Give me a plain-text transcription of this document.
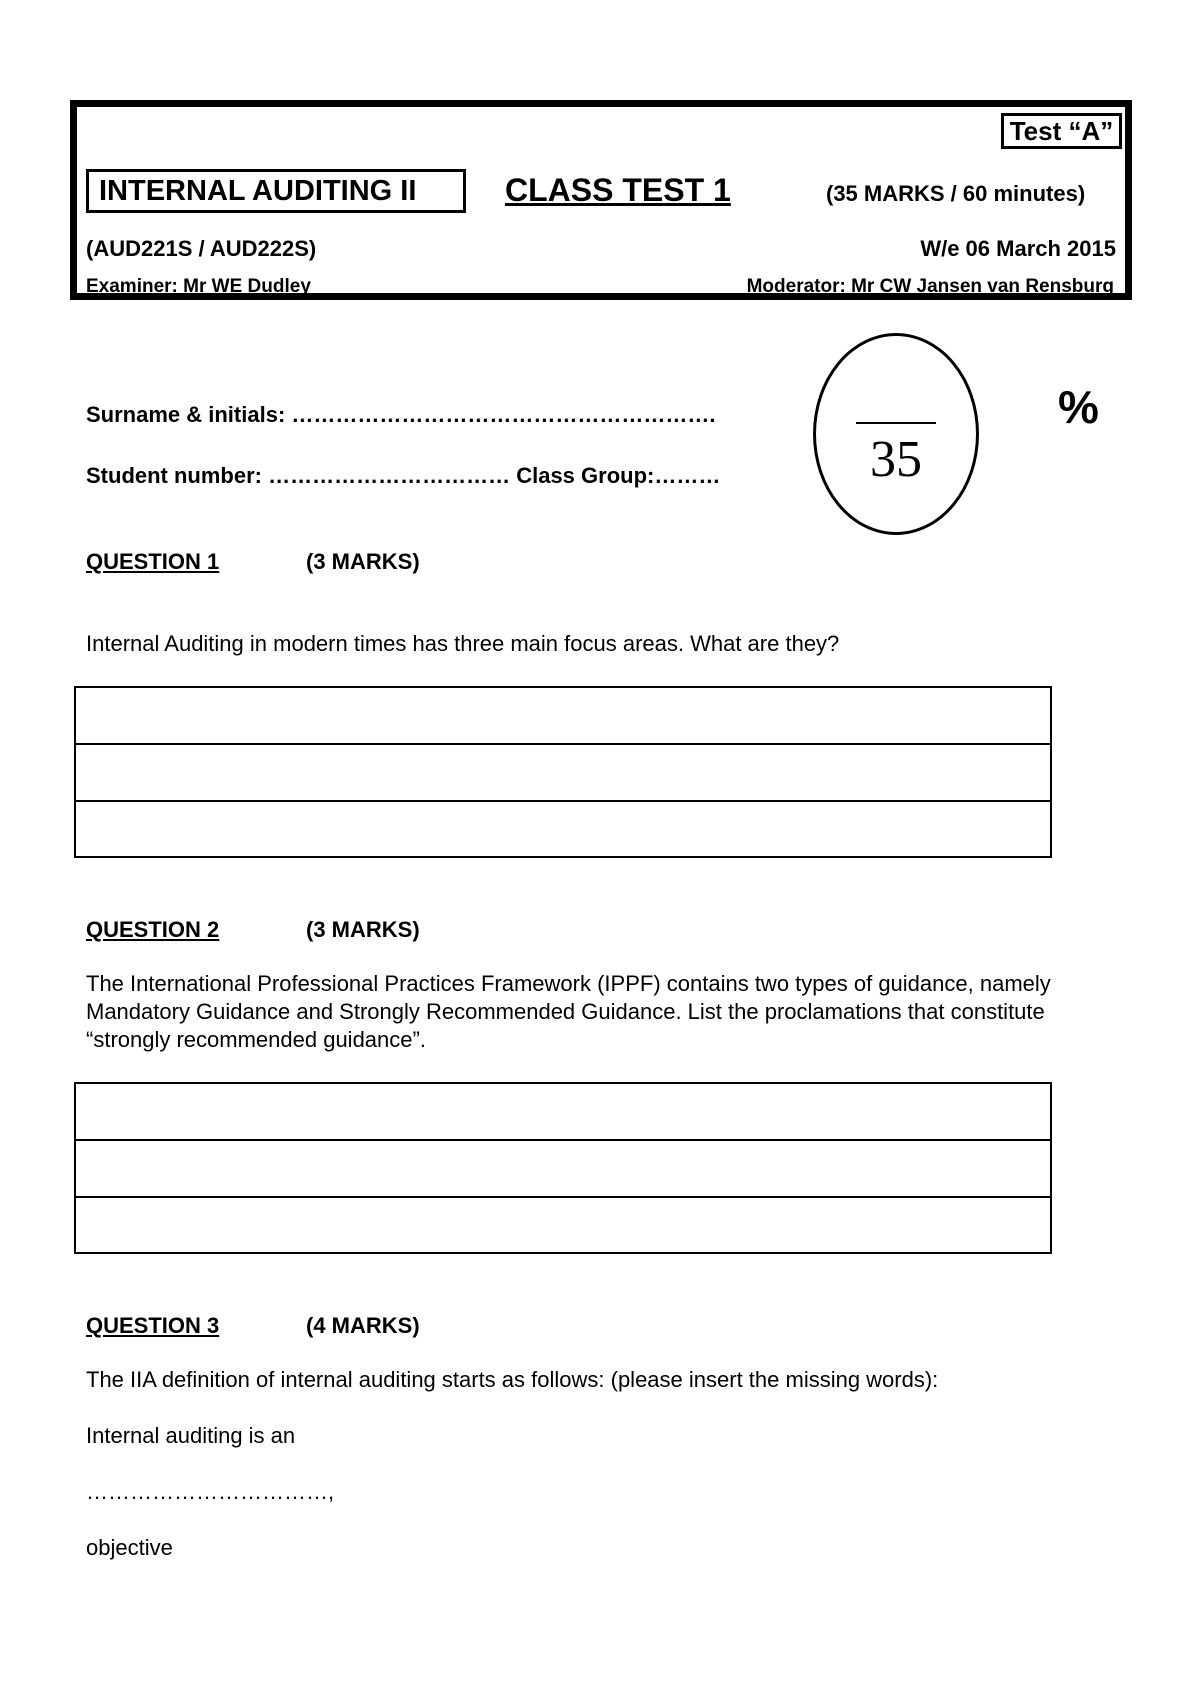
Test “A”
INTERNAL AUDITING II	CLASS TEST 1	(35 MARKS / 60 minutes)
(AUD221S / AUD222S)	W/e 06 March 2015
Examiner: Mr WE Dudley	Moderator: Mr CW Jansen van Rensburg
Surname & initials: ………………………………………………….
Student number: …………………………… Class Group:………	35
%
QUESTION 1	(3 MARKS)
Internal Auditing in modern times has three main focus areas. What are they?
QUESTION 2	(3 MARKS)
The International Professional Practices Framework (IPPF) contains two types of guidance, namely Mandatory Guidance and Strongly Recommended Guidance. List the proclamations that constitute “strongly recommended guidance”.
QUESTION 3	(4 MARKS)
The IIA definition of internal auditing starts as follows: (please insert the missing words):
Internal auditing is an
……………………………,
objective
